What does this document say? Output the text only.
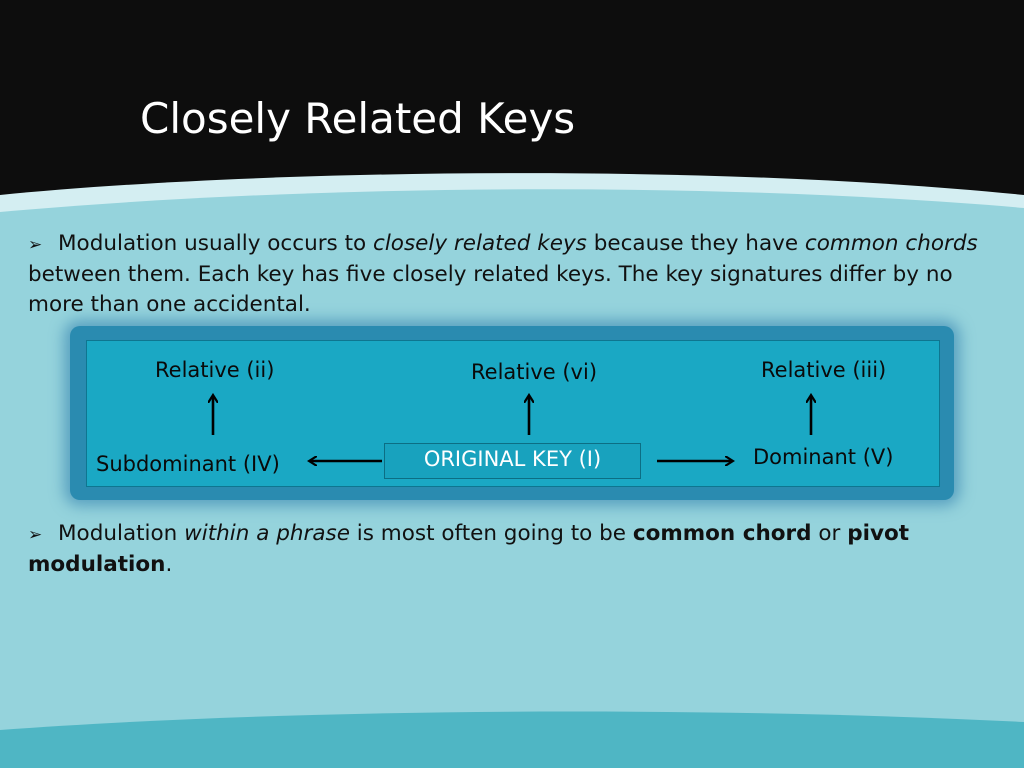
Closely Related Keys

➢ Modulation usually occurs to closely related keys because they have common chords between them. Each key has five closely related keys. The key signatures differ by no more than one accidental.

Relative (ii)	Relative (vi)	Relative (iii)
Subdominant (IV)	Dominant (V)
ORIGINAL KEY (I)

➢ Modulation within a phrase is most often going to be common chord or pivot modulation.
